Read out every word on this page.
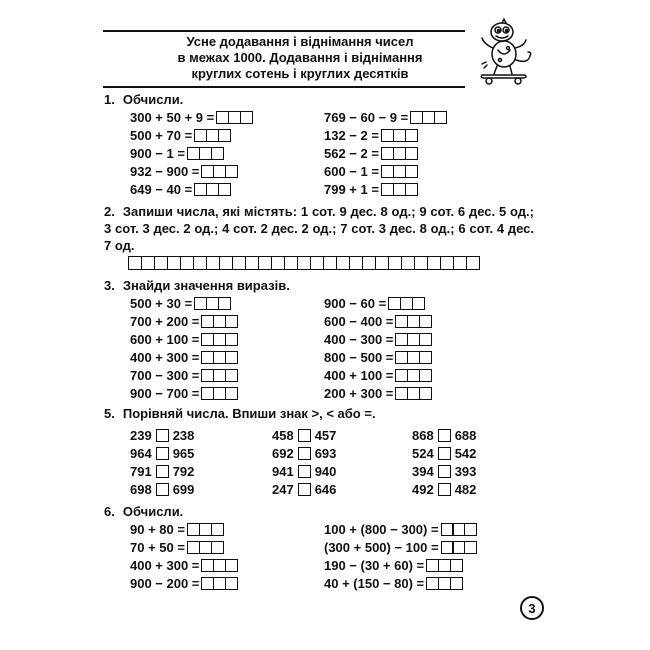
Усне додавання і віднімання чисел
в межах 1000. Додавання і віднімання
круглих сотень і круглих десятків
1. Обчисли.
300 + 50 + 9 =
500 + 70 =
900 − 1 =
932 − 900 =
649 − 40 =
769 − 60 − 9 =
132 − 2 =
562 − 2 =
600 − 1 =
799 + 1 =
2. Запиши числа, які містять: 1 сот. 9 дес. 8 од.; 9 сот. 6 дес. 5 од.; 3 сот. 3 дес. 2 од.; 4 сот. 2 дес. 2 од.; 7 сот. 3 дес. 8 од.; 6 сот. 4 дес. 7 од.
3. Знайди значення виразів.
500 + 30 =
700 + 200 =
600 + 100 =
400 + 300 =
700 − 300 =
900 − 700 =
900 − 60 =
600 − 400 =
400 − 300 =
800 − 500 =
400 + 100 =
200 + 300 =
5. Порівняй числа. Впиши знак >, < або =.
239 238
964 965
791 792
698 699
458 457
692 693
941 940
247 646
868 688
524 542
394 393
492 482
6. Обчисли.
90 + 80 =
70 + 50 =
400 + 300 =
900 − 200 =
100 + (800 − 300) =
(300 + 500) − 100 =
190 − (30 + 60) =
40 + (150 − 80) =
3
